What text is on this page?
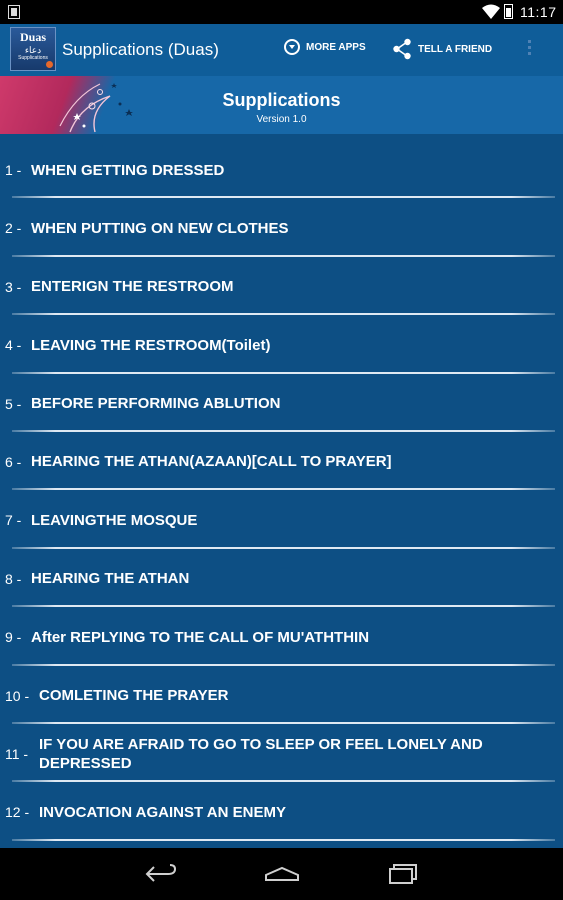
11:17
Duas
دعاء
Supplications Supplications (Duas)	MORE APPS	TELL A FRIEND
Supplications
Version 1.0
1 - WHEN GETTING DRESSED
2 - WHEN PUTTING ON NEW CLOTHES
3 - ENTERIGN THE RESTROOM
4 - LEAVING THE RESTROOM(Toilet)
5 - BEFORE PERFORMING ABLUTION
6 - HEARING THE ATHAN(AZAAN)[CALL TO PRAYER]
7 - LEAVINGTHE MOSQUE
8 - HEARING THE ATHAN
9 - After REPLYING TO THE CALL OF MU'ATHTHIN
10 - COMLETING THE PRAYER
11 -
IF YOU ARE AFRAID TO GO TO SLEEP OR FEEL LONELY AND DEPRESSED
12 - INVOCATION AGAINST AN ENEMY
